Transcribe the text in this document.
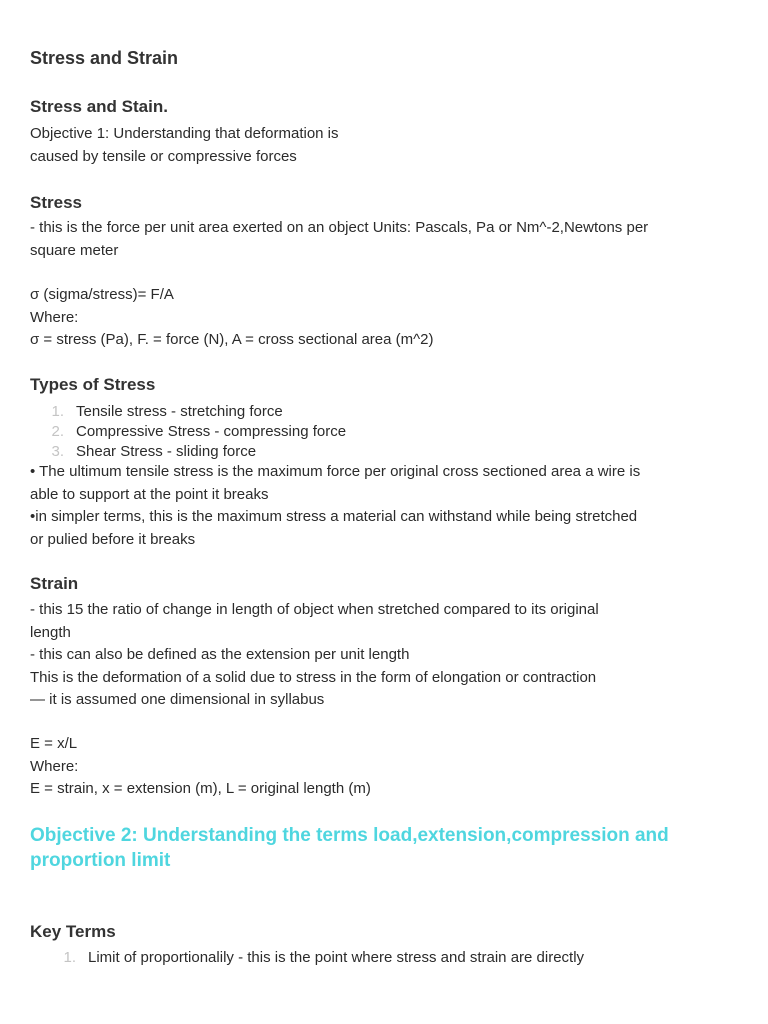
Stress and Strain
Stress and Stain.
Objective 1: Understanding that deformation is
caused by tensile or compressive forces
Stress
- this is the force per unit area exerted on an object Units: Pascals, Pa or Nm^-2,Newtons per
square meter
σ (sigma/stress)= F/A
Where:
σ = stress (Pa), F. = force (N), A = cross sectional area (m^2)
Types of Stress
1. Tensile stress - stretching force
2. Compressive Stress - compressing force
3. Shear Stress - sliding force
• The ultimum tensile stress is the maximum force per original cross sectioned area a wire is
able to support at the point it breaks
•in simpler terms, this is the maximum stress a material can withstand while being stretched
or pulied before it breaks
Strain
- this 15 the ratio of change in length of object when stretched compared to its original
length
- this can also be defined as the extension per unit length
This is the deformation of a solid due to stress in the form of elongation or contraction
— it is assumed one dimensional in syllabus
E = x/L
Where:
E = strain, x = extension (m), L = original length (m)
Objective 2: Understanding the terms load,extension,compression and
proportion limit
Key Terms
1. Limit of proportionalily - this is the point where stress and strain are directly
